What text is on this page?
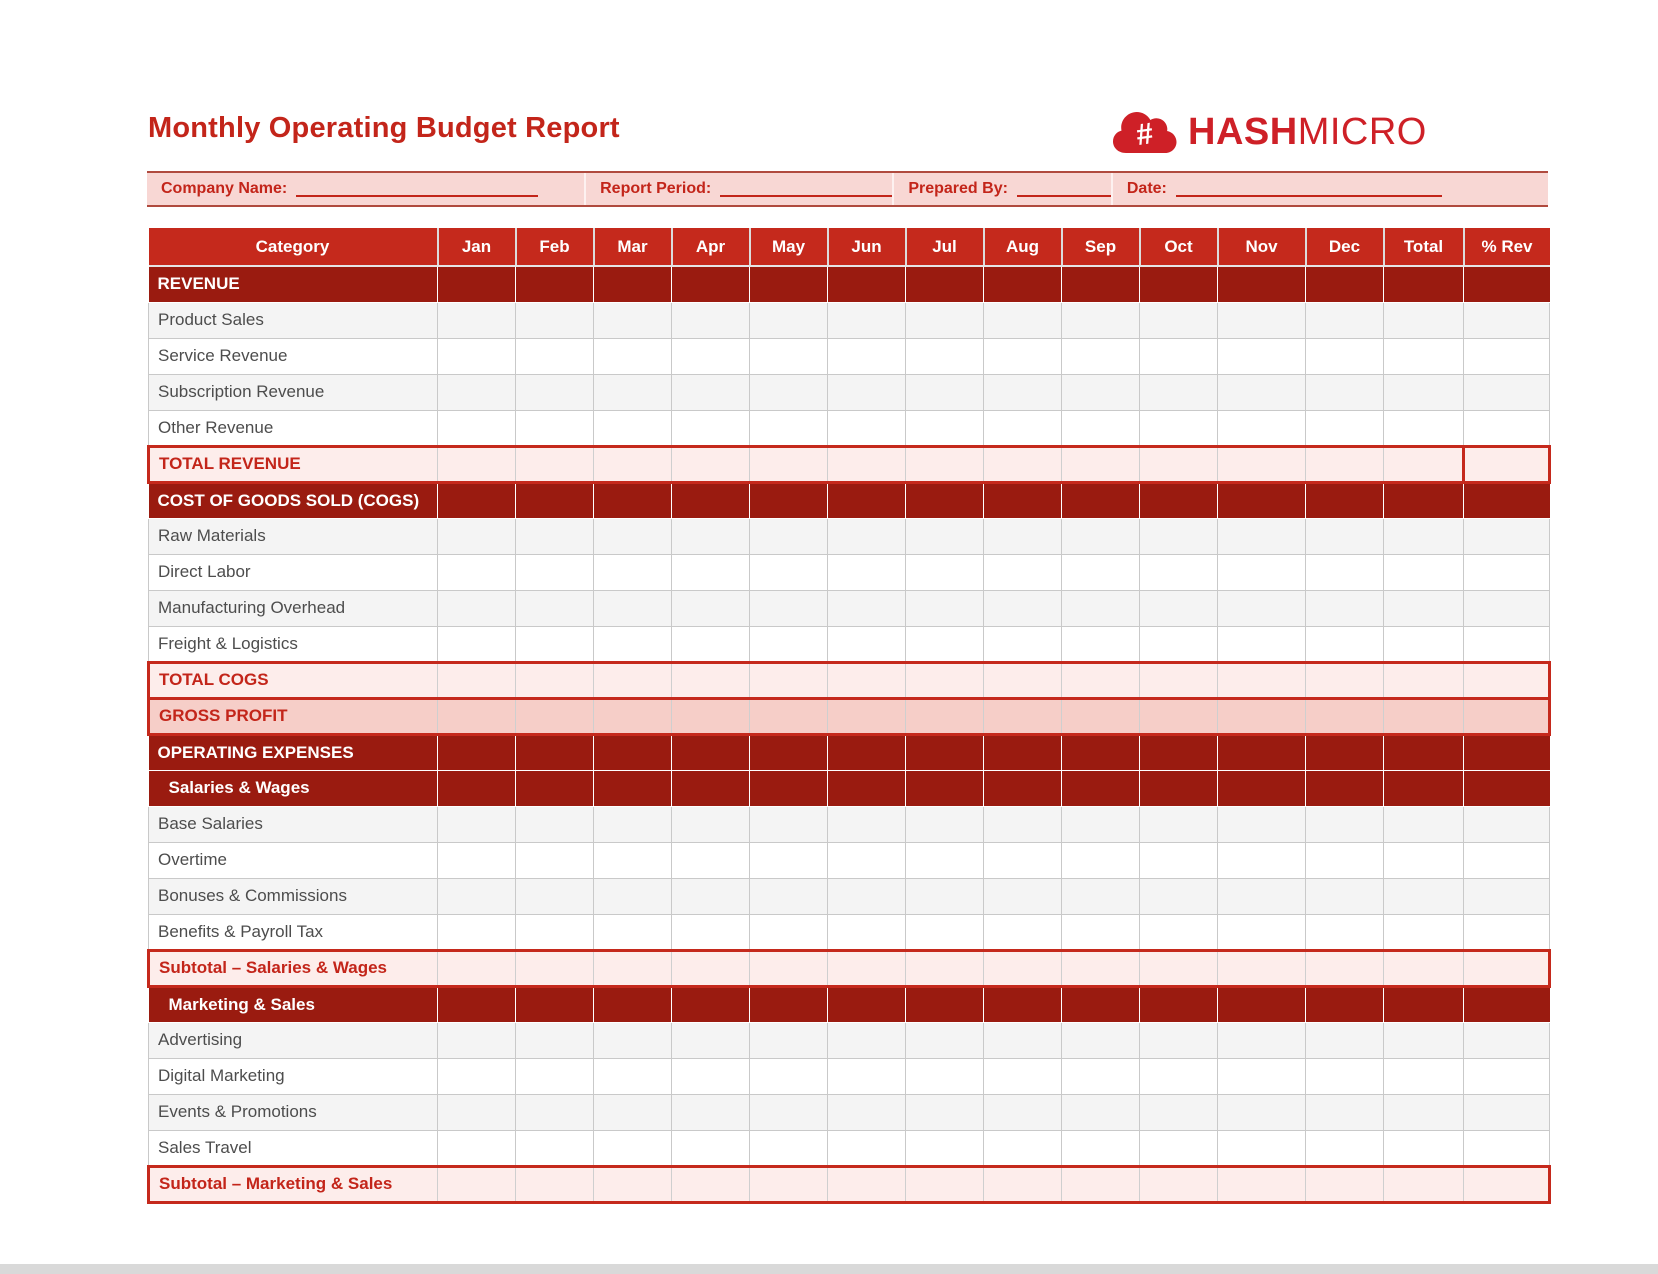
Monthly Operating Budget Report	# HASHMICRO
Company Name:	Report Period:	Prepared By:	Date:
Category	Jan	Feb	Mar	Apr	May	Jun	Jul	Aug	Sep	Oct	Nov	Dec	Total	% Rev
REVENUE														
Product Sales														
Service Revenue														
Subscription Revenue														
Other Revenue														
TOTAL REVENUE														
COST OF GOODS SOLD (COGS)														
Raw Materials														
Direct Labor														
Manufacturing Overhead														
Freight & Logistics														
TOTAL COGS														
GROSS PROFIT														
OPERATING EXPENSES														
Salaries & Wages														
Base Salaries														
Overtime														
Bonuses & Commissions														
Benefits & Payroll Tax														
Subtotal – Salaries & Wages														
Marketing & Sales														
Advertising														
Digital Marketing														
Events & Promotions														
Sales Travel														
Subtotal – Marketing & Sales														
